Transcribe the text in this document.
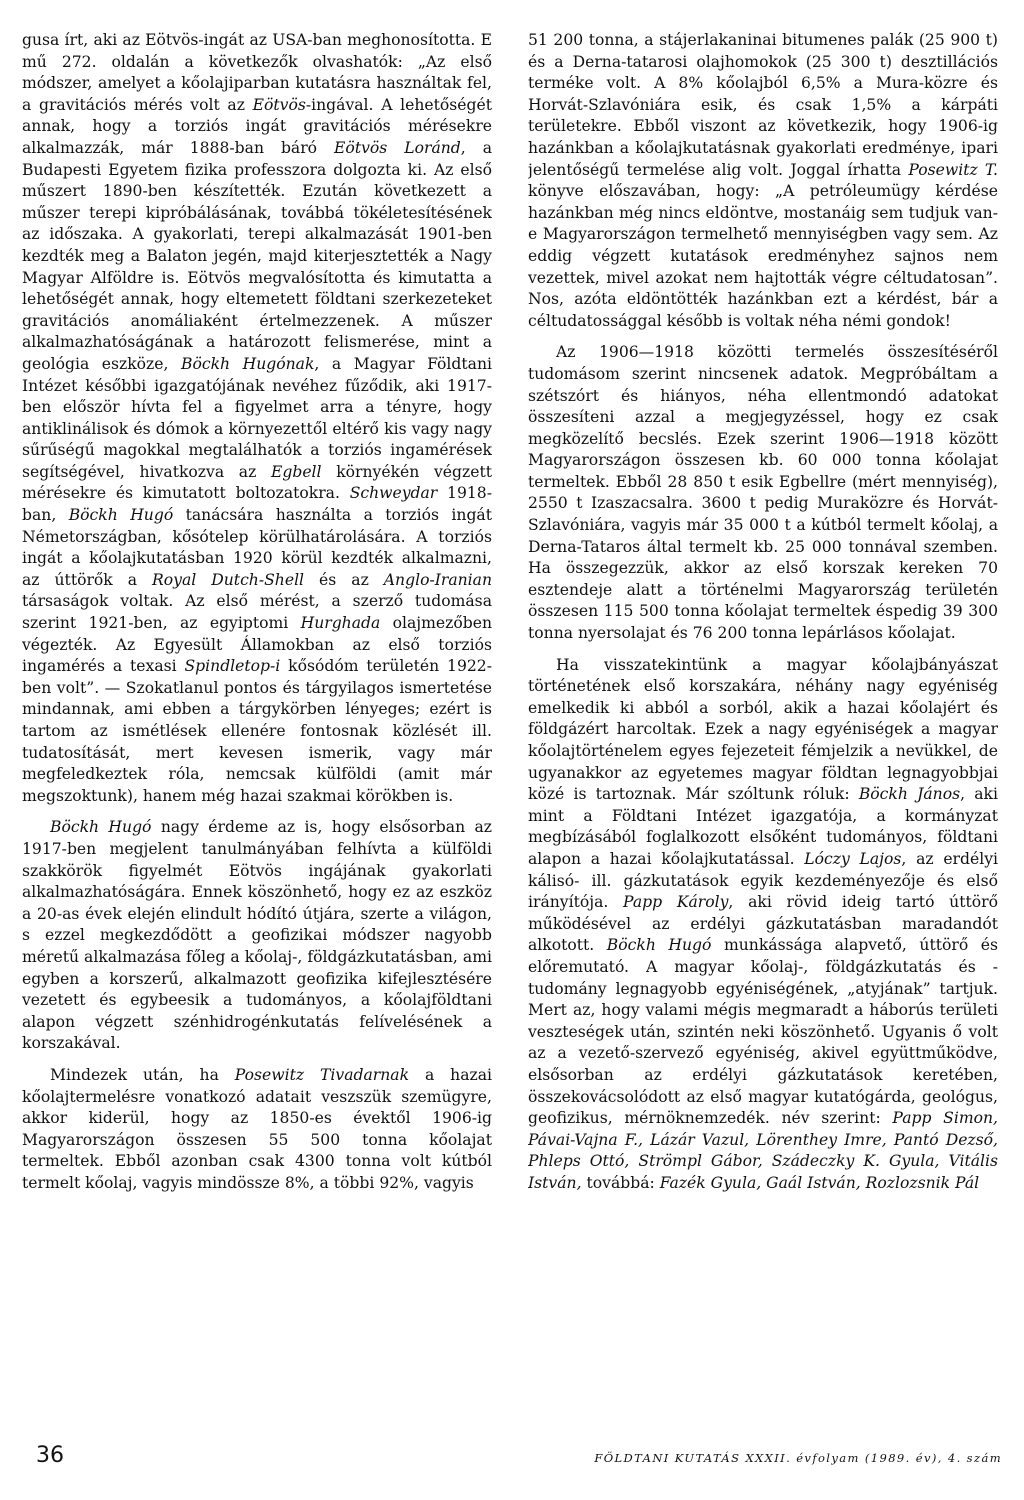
gusa írt, aki az Eötvös-ingát az USA-ban meghonosította. E mű 272. oldalán a következők olvashatók: „Az első módszer, amelyet a kőolajiparban kutatásra használtak fel, a gravitációs mérés volt az Eötvös-ingával. A lehetőségét annak, hogy a torziós ingát gravitációs mérésekre alkalmazzák, már 1888-ban báró Eötvös Loránd, a Budapesti Egyetem fizika professzora dolgozta ki. Az első műszert 1890-ben készítették. Ezután következett a műszer terepi kipróbálásának, továbbá tökéletesítésének az időszaka. A gyakorlati, terepi alkalmazását 1901-ben kezdték meg a Balaton jegén, majd kiterjesztették a Nagy Magyar Alföldre is. Eötvös megvalósította és kimutatta a lehetőségét annak, hogy eltemetett földtani szerkezeteket gravitációs anomáliaként értelmezzenek. A műszer alkalmazhatóságának a határozott felismerése, mint a geológia eszköze, Böckh Hugónak, a Magyar Földtani Intézet későbbi igazgatójának nevéhez fűződik, aki 1917-ben először hívta fel a figyelmet arra a tényre, hogy antiklinálisok és dómok a környezettől eltérő kis vagy nagy sűrűségű magokkal megtalálhatók a torziós ingamérések segítségével, hivatkozva az Egbell környékén végzett mérésekre és kimutatott boltozatokra. Schweydar 1918-ban, Böckh Hugó tanácsára használta a torziós ingát Németországban, kősótelep körülhatárolására. A torziós ingát a kőolajkutatásban 1920 körül kezdték alkalmazni, az úttörők a Royal Dutch-Shell és az Anglo-Iranian társaságok voltak. Az első mérést, a szerző tudomása szerint 1921-ben, az egyiptomi Hurghada olajmezőben végezték. Az Egyesült Államokban az első torziós ingamérés a texasi Spindletop-i kősódóm területén 1922-ben volt”. — Szokatlanul pontos és tárgyilagos ismertetése mindannak, ami ebben a tárgykörben lényeges; ezért is tartom az ismétlések ellenére fontosnak közlését ill. tudatosítását, mert kevesen ismerik, vagy már megfeledkeztek róla, nemcsak külföldi (amit már megszoktunk), hanem még hazai szakmai körökben is.

Böckh Hugó nagy érdeme az is, hogy elsősorban az 1917-ben megjelent tanulmányában felhívta a külföldi szakkörök figyelmét Eötvös ingájának gyakorlati alkalmazhatóságára. Ennek köszönhető, hogy ez az eszköz a 20-as évek elején elindult hódító útjára, szerte a világon, s ezzel megkezdődött a geofizikai módszer nagyobb méretű alkalmazása főleg a kőolaj-, földgázkutatásban, ami egyben a korszerű, alkalmazott geofizika kifejlesztésére vezetett és egybeesik a tudományos, a kőolajföldtani alapon végzett szénhidrogénkutatás felívelésének a korszakával.

Mindezek után, ha Posewitz Tivadarnak a hazai kőolajtermelésre vonatkozó adatait veszszük szemügyre, akkor kiderül, hogy az 1850-es évektől 1906-ig Magyarországon összesen 55 500 tonna kőolajat termeltek. Ebből azonban csak 4300 tonna volt kútból termelt kőolaj, vagyis mindössze 8%, a többi 92%, vagyis

51 200 tonna, a stájerlakaninai bitumenes palák (25 900 t) és a Derna-tatarosi olajhomokok (25 300 t) desztillációs terméke volt. A 8% kőolajból 6,5% a Mura-közre és Horvát-Szlavóniára esik, és csak 1,5% a kárpáti területekre. Ebből viszont az következik, hogy 1906-ig hazánkban a kőolajkutatásnak gyakorlati eredménye, ipari jelentőségű termelése alig volt. Joggal írhatta Posewitz T. könyve előszavában, hogy: „A petróleumügy kérdése hazánkban még nincs eldöntve, mostanáig sem tudjuk van-e Magyarországon termelhető mennyiségben vagy sem. Az eddig végzett kutatások eredményhez sajnos nem vezettek, mivel azokat nem hajtották végre céltudatosan”. Nos, azóta eldöntötték hazánkban ezt a kérdést, bár a céltudatossággal később is voltak néha némi gondok!

Az 1906—1918 közötti termelés összesítéséről tudomásom szerint nincsenek adatok. Megpróbáltam a szétszórt és hiányos, néha ellentmondó adatokat összesíteni azzal a megjegyzéssel, hogy ez csak megközelítő becslés. Ezek szerint 1906—1918 között Magyarországon összesen kb. 60 000 tonna kőolajat termeltek. Ebből 28 850 t esik Egbellre (mért mennyiség), 2550 t Izaszacsalra. 3600 t pedig Muraközre és Horvát-Szlavóniára, vagyis már 35 000 t a kútból termelt kőolaj, a Derna-Tataros által termelt kb. 25 000 tonnával szemben. Ha összegezzük, akkor az első korszak kereken 70 esztendeje alatt a történelmi Magyarország területén összesen 115 500 tonna kőolajat termeltek éspedig 39 300 tonna nyersolajat és 76 200 tonna lepárlásos kőolajat.

Ha visszatekintünk a magyar kőolajbányászat történetének első korszakára, néhány nagy egyéniség emelkedik ki abból a sorból, akik a hazai kőolajért és földgázért harcoltak. Ezek a nagy egyéniségek a magyar kőolajtörténelem egyes fejezeteit fémjelzik a nevükkel, de ugyanakkor az egyetemes magyar földtan legnagyobbjai közé is tartoznak. Már szóltunk róluk: Böckh János, aki mint a Földtani Intézet igazgatója, a kormányzat megbízásából foglalkozott elsőként tudományos, földtani alapon a hazai kőolajkutatással. Lóczy Lajos, az erdélyi kálisó- ill. gázkutatások egyik kezdeményezője és első irányítója. Papp Károly, aki rövid ideig tartó úttörő működésével az erdélyi gázkutatásban maradandót alkotott. Böckh Hugó munkássága alapvető, úttörő és előremutató. A magyar kőolaj-, földgázkutatás és -tudomány legnagyobb egyéniségének, „atyjának” tartjuk. Mert az, hogy valami mégis megmaradt a háborús területi veszteségek után, szintén neki köszönhető. Ugyanis ő volt az a vezető-szervező egyéniség, akivel együttműködve, elsősorban az erdélyi gázkutatások keretében, összekovácsolódott az első magyar kutatógárda, geológus, geofizikus, mérnöknemzedék. név szerint: Papp Simon, Pávai-Vajna F., Lázár Vazul, Lörenthey Imre, Pantó Dezső, Phleps Ottó, Strömpl Gábor, Szádeczky K. Gyula, Vitális István, továbbá: Fazék Gyula, Gaál István, Rozlozsnik Pál

36	FÖLDTANI KUTATÁS XXXII. évfolyam (1989. év), 4. szám
